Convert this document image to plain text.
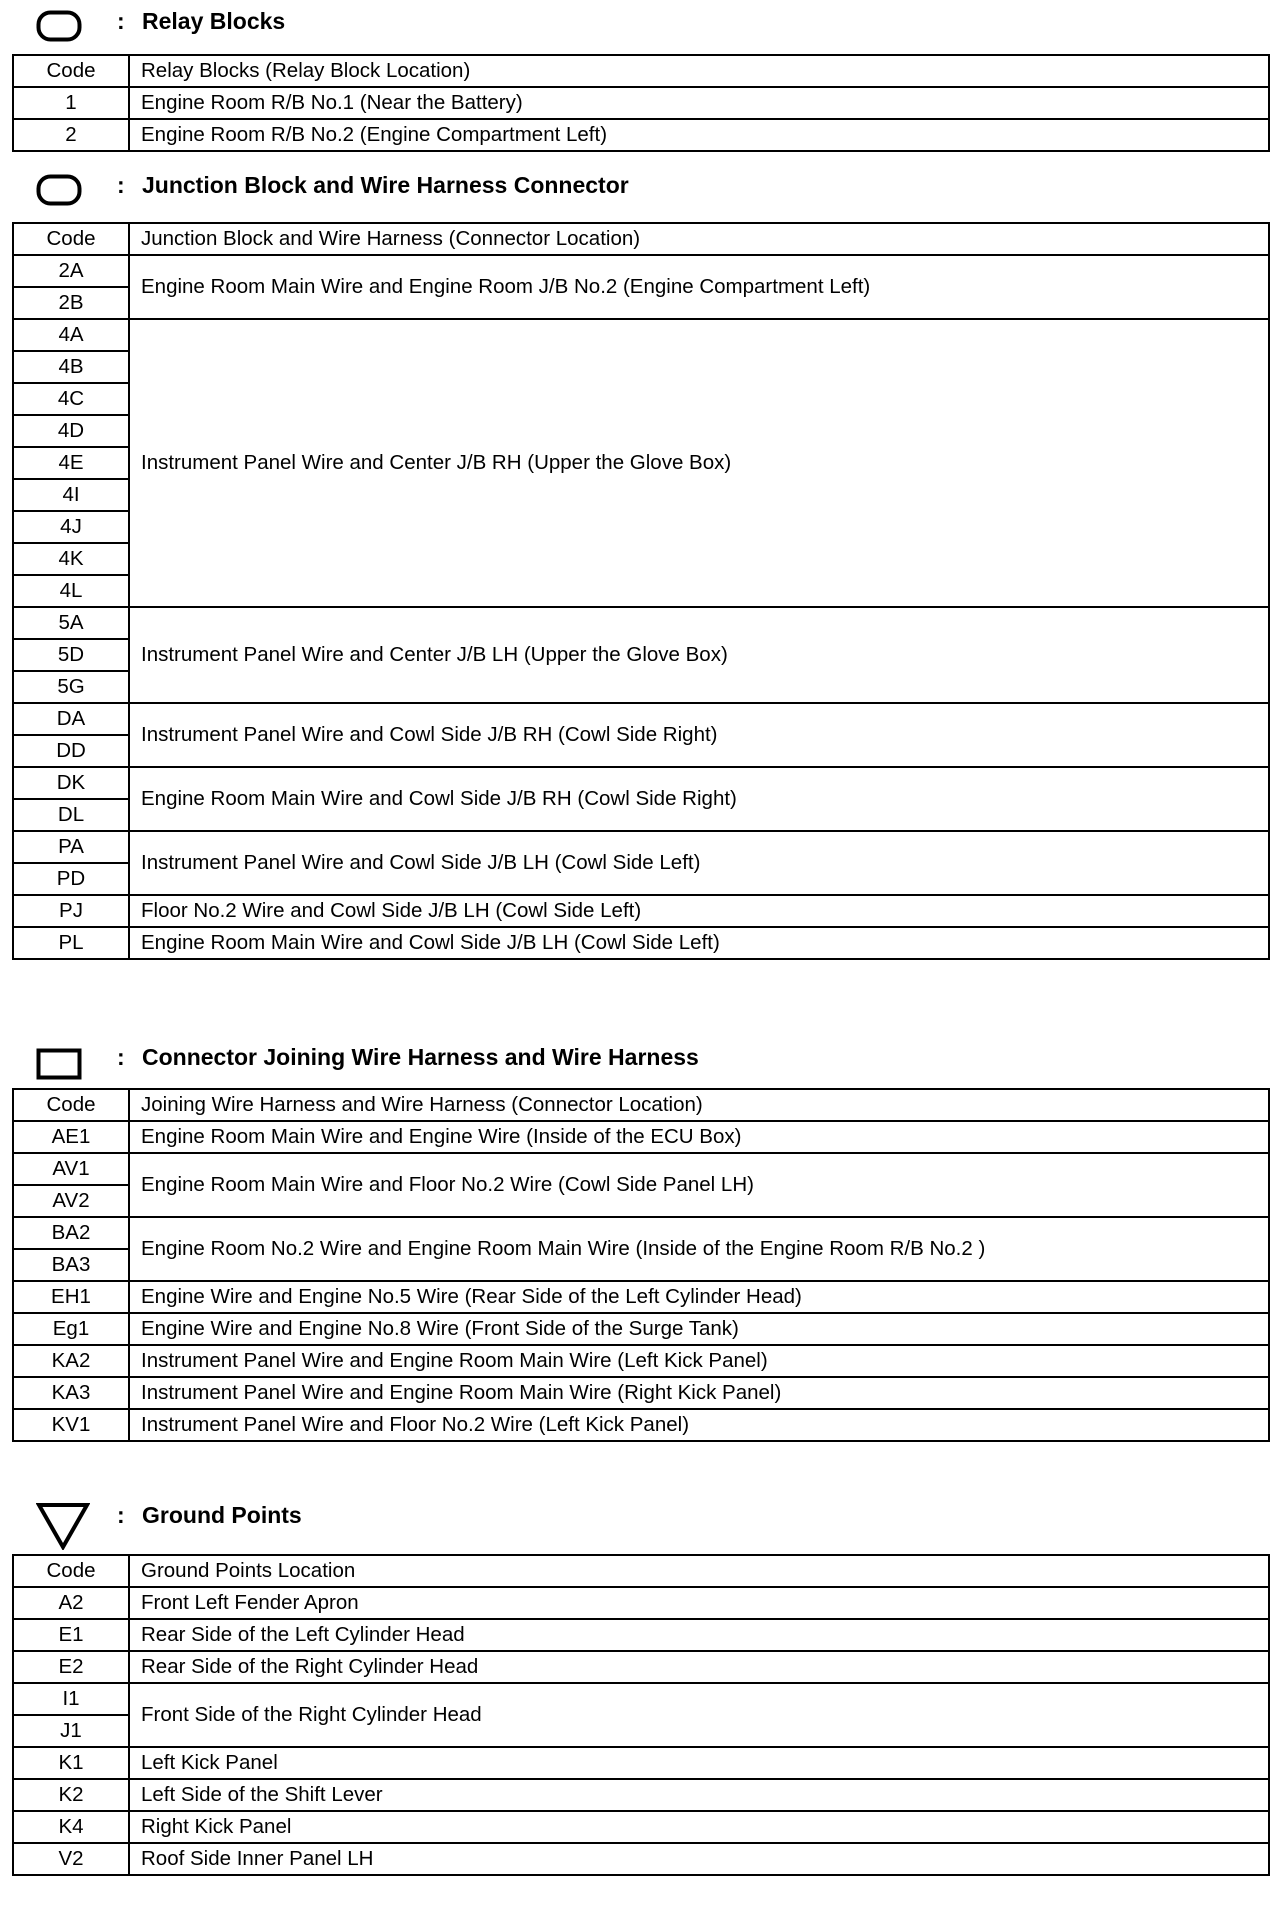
: Relay Blocks
Code	Relay Blocks (Relay Block Location)
1	Engine Room R/B No.1 (Near the Battery)
2	Engine Room R/B No.2 (Engine Compartment Left)
: Junction Block and Wire Harness Connector
Code	Junction Block and Wire Harness (Connector Location)
2A	Engine Room Main Wire and Engine Room J/B No.2 (Engine Compartment Left)
2B	
4A	Instrument Panel Wire and Center J/B RH (Upper the Glove Box)
4B	
4C	
4D	
4E	
4I	
4J	
4K	
4L	
5A	Instrument Panel Wire and Center J/B LH (Upper the Glove Box)
5D	
5G	
DA	Instrument Panel Wire and Cowl Side J/B RH (Cowl Side Right)
DD	
DK	Engine Room Main Wire and Cowl Side J/B RH (Cowl Side Right)
DL	
PA	Instrument Panel Wire and Cowl Side J/B LH (Cowl Side Left)
PD	
PJ	Floor No.2 Wire and Cowl Side J/B LH (Cowl Side Left)
PL	Engine Room Main Wire and Cowl Side J/B LH (Cowl Side Left)
: Connector Joining Wire Harness and Wire Harness
Code	Joining Wire Harness and Wire Harness (Connector Location)
AE1	Engine Room Main Wire and Engine Wire (Inside of the ECU Box)
AV1	Engine Room Main Wire and Floor No.2 Wire (Cowl Side Panel LH)
AV2	
BA2	Engine Room No.2 Wire and Engine Room Main Wire (Inside of the Engine Room R/B No.2 )
BA3	
EH1	Engine Wire and Engine No.5 Wire (Rear Side of the Left Cylinder Head)
Eg1	Engine Wire and Engine No.8 Wire (Front Side of the Surge Tank)
KA2	Instrument Panel Wire and Engine Room Main Wire (Left Kick Panel)
KA3	Instrument Panel Wire and Engine Room Main Wire (Right Kick Panel)
KV1	Instrument Panel Wire and Floor No.2 Wire (Left Kick Panel)
: Ground Points
Code	Ground Points Location
A2	Front Left Fender Apron
E1	Rear Side of the Left Cylinder Head
E2	Rear Side of the Right Cylinder Head
I1	Front Side of the Right Cylinder Head
J1	
K1	Left Kick Panel
K2	Left Side of the Shift Lever
K4	Right Kick Panel
V2	Roof Side Inner Panel LH
